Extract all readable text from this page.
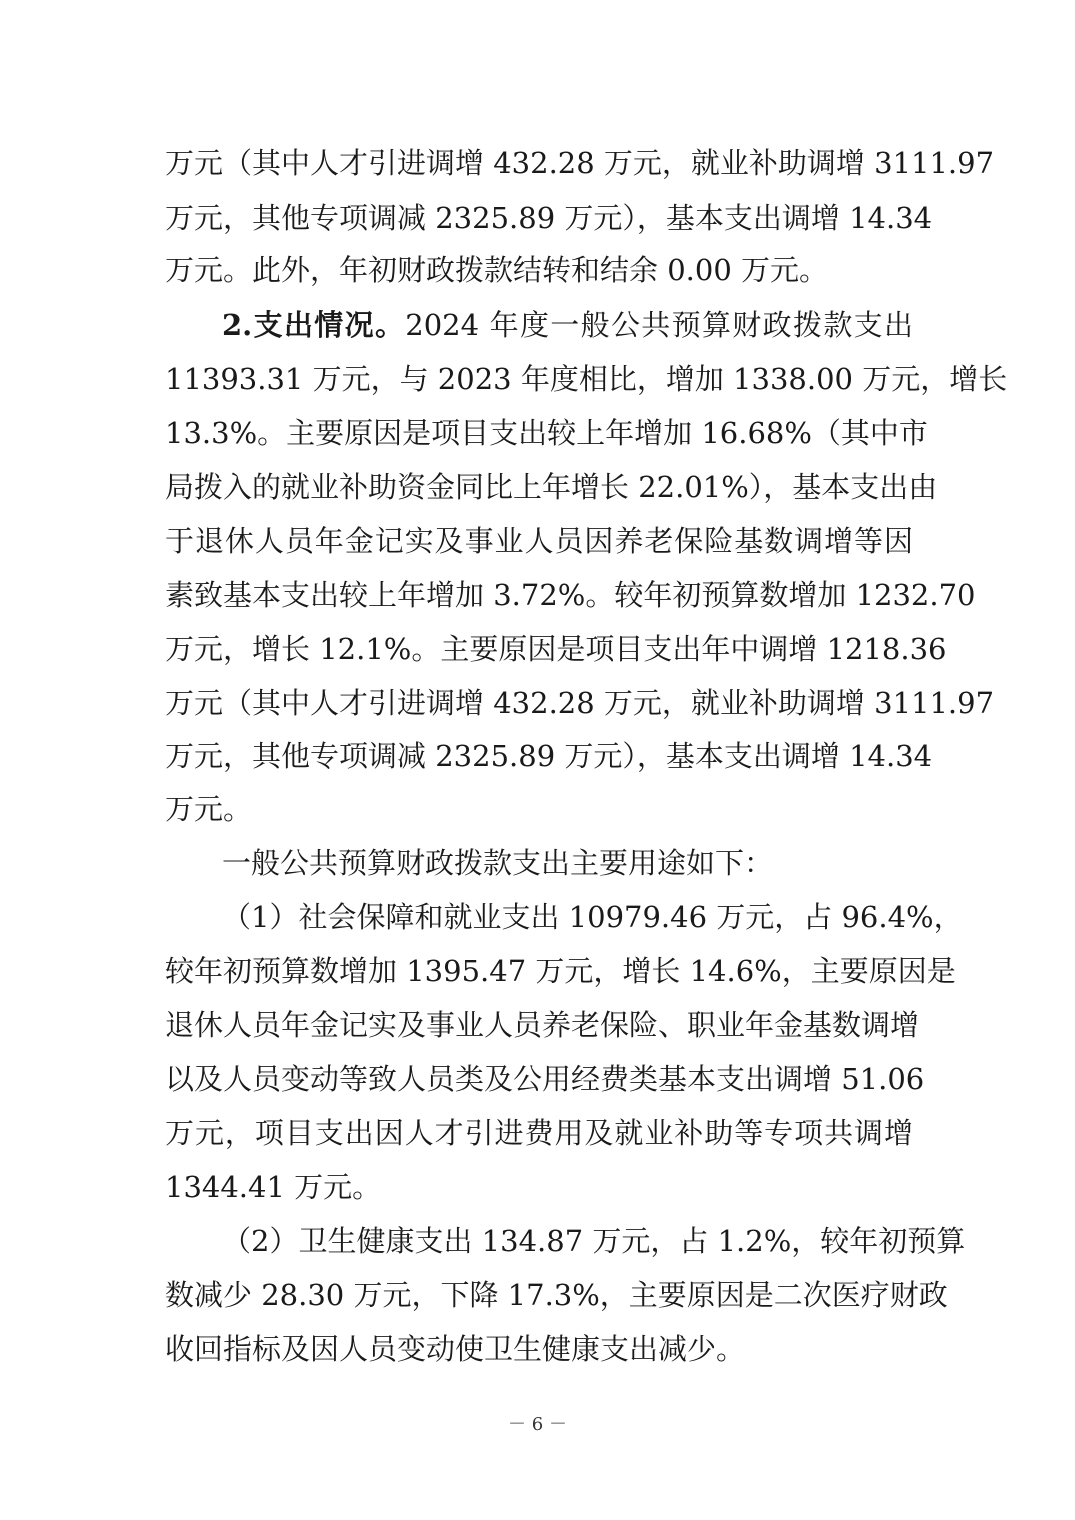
万元（其中人才引进调增 432.28 万元，就业补助调增 3111.97
万元，其他专项调减 2325.89 万元），基本支出调增 14.34
万元。此外，年初财政拨款结转和结余 0.00 万元。
2.支出情况。2024 年度一般公共预算财政拨款支出
11393.31 万元，与 2023 年度相比，增加 1338.00 万元，增长
13.3%。主要原因是项目支出较上年增加 16.68%（其中市
局拨入的就业补助资金同比上年增长 22.01%），基本支出由
于退休人员年金记实及事业人员因养老保险基数调增等因
素致基本支出较上年增加 3.72%。较年初预算数增加 1232.70
万元，增长 12.1%。主要原因是项目支出年中调增 1218.36
万元（其中人才引进调增 432.28 万元，就业补助调增 3111.97
万元，其他专项调减 2325.89 万元），基本支出调增 14.34
万元。
一般公共预算财政拨款支出主要用途如下：
（1）社会保障和就业支出 10979.46 万元，占 96.4%，
较年初预算数增加 1395.47 万元，增长 14.6%，主要原因是
退休人员年金记实及事业人员养老保险、职业年金基数调增
以及人员变动等致人员类及公用经费类基本支出调增 51.06
万元，项目支出因人才引进费用及就业补助等专项共调增
1344.41 万元。
（2）卫生健康支出 134.87 万元，占 1.2%，较年初预算
数减少 28.30 万元，下降 17.3%，主要原因是二次医疗财政
收回指标及因人员变动使卫生健康支出减少。
－ 6 －
